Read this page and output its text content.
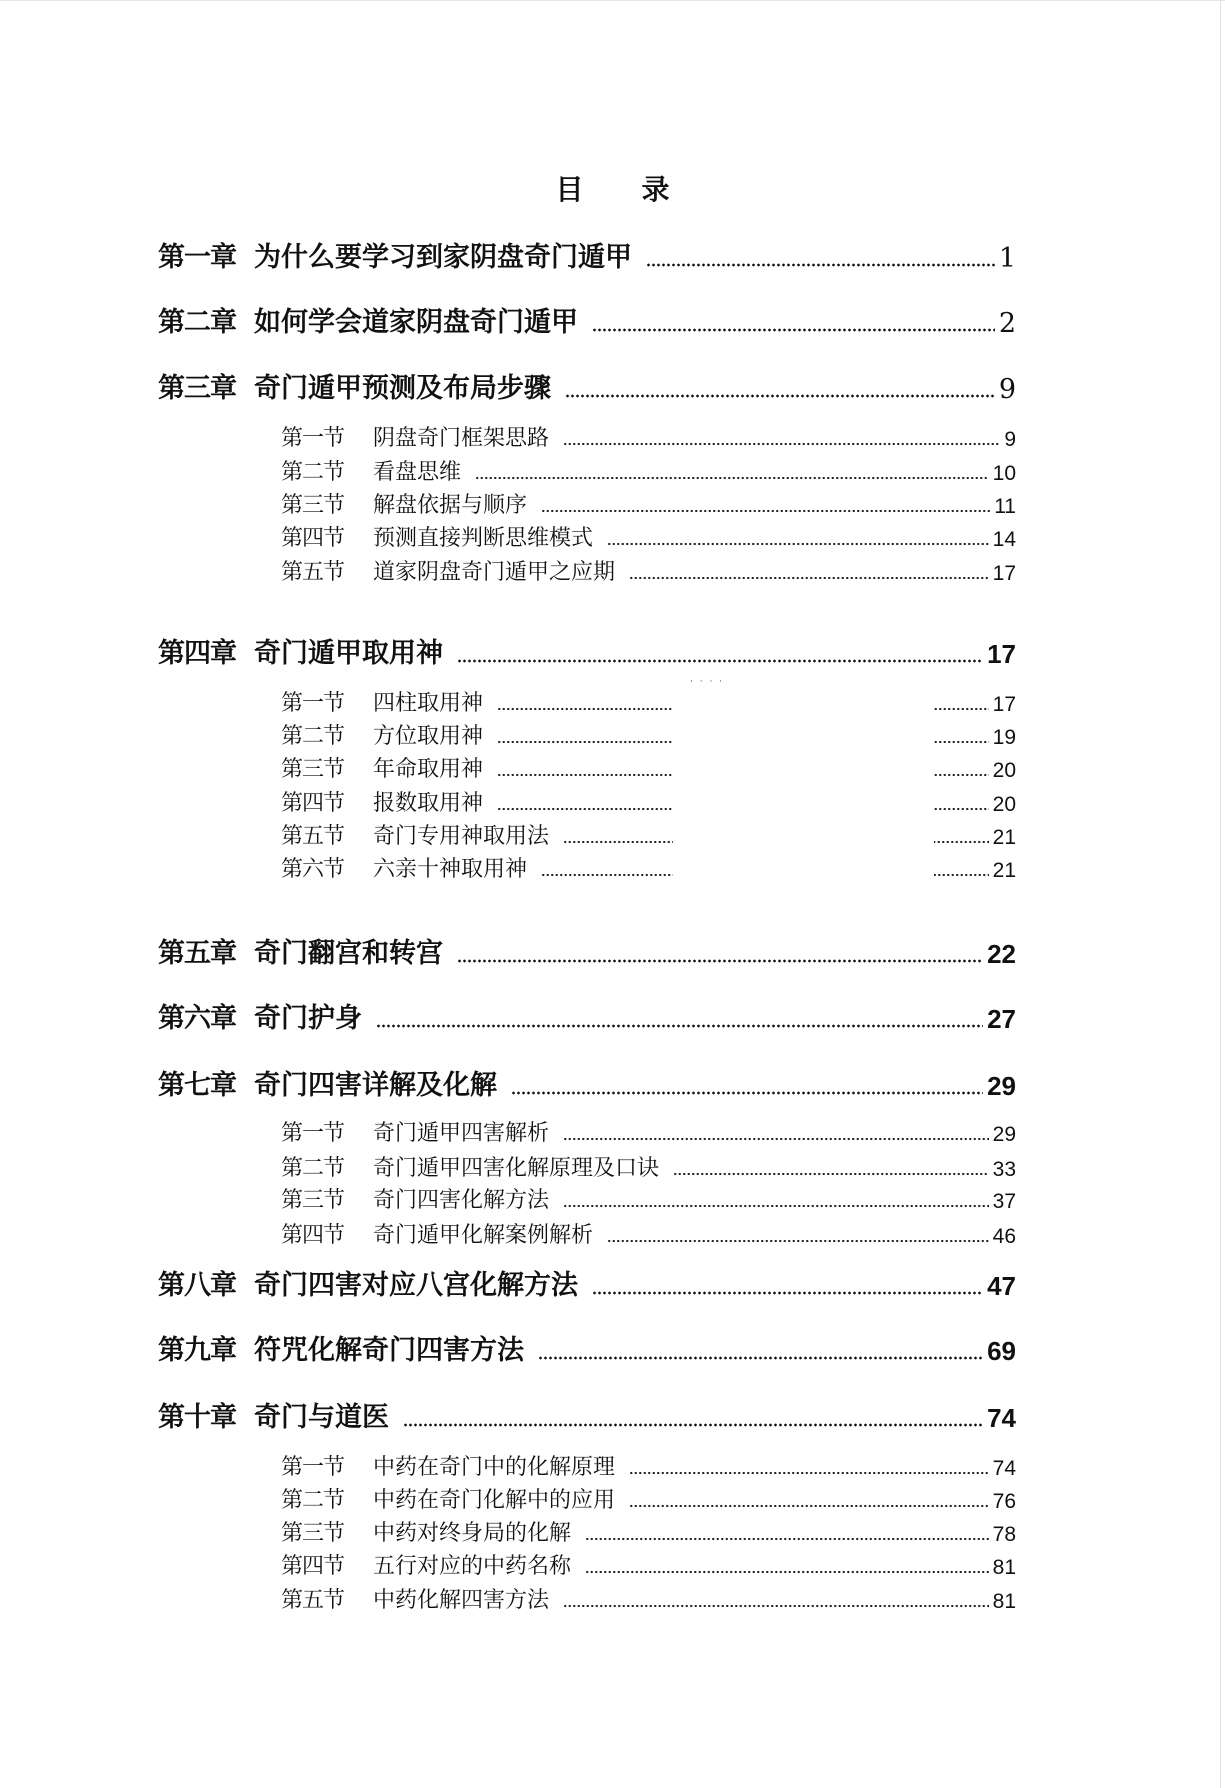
目 录
第一章 为什么要学习到家阴盘奇门遁甲	1
第二章 如何学会道家阴盘奇门遁甲	2
第三章 奇门遁甲预测及布局步骤	9
第一节	阴盘奇门框架思路	9
第二节	看盘思维	10
第三节	解盘依据与顺序	11
第四节	预测直接判断思维模式	14
第五节	道家阴盘奇门遁甲之应期	17
第四章 奇门遁甲取用神	17
第一节	四柱取用神	17
第二节	方位取用神	19
第三节	年命取用神	20
第四节	报数取用神	20
第五节	奇门专用神取用法	21
第六节	六亲十神取用神	21
· · · ·
第五章 奇门翻宫和转宫	22
第六章 奇门护身	27
第七章 奇门四害详解及化解	29
第一节	奇门遁甲四害解析	29
第二节	奇门遁甲四害化解原理及口诀	33
第三节	奇门四害化解方法	37
第四节	奇门遁甲化解案例解析	46
第八章 奇门四害对应八宫化解方法	47
第九章 符咒化解奇门四害方法	69
第十章 奇门与道医	74
第一节	中药在奇门中的化解原理	74
第二节	中药在奇门化解中的应用	76
第三节	中药对终身局的化解	78
第四节	五行对应的中药名称	81
第五节	中药化解四害方法	81
